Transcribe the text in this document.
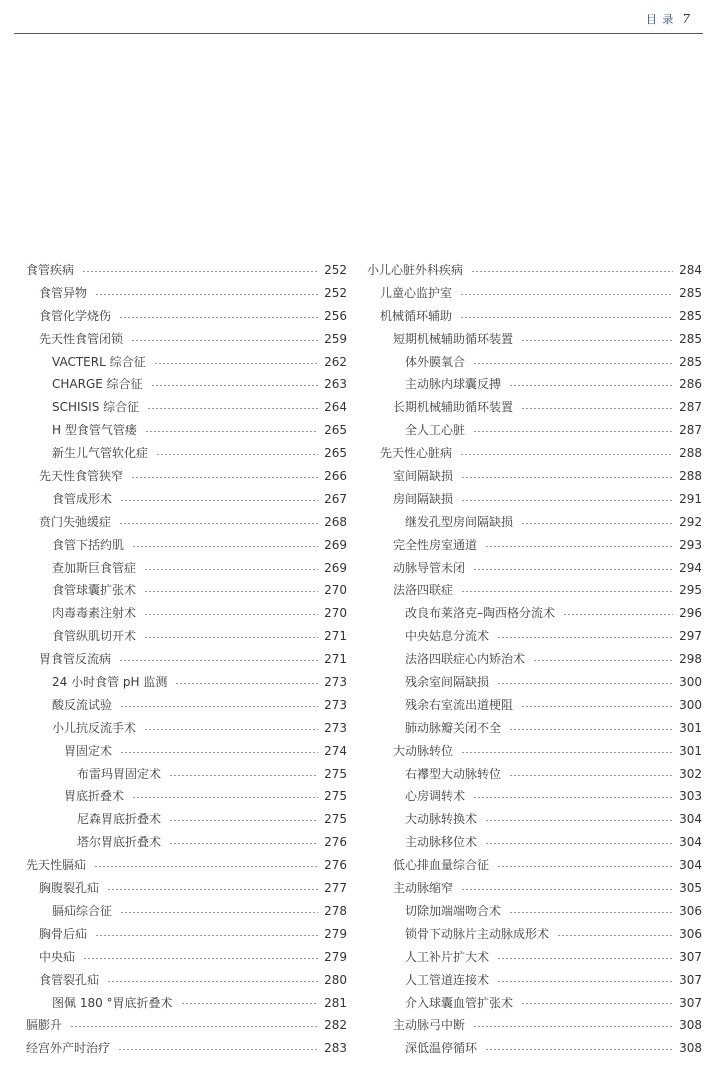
目 录 7
食管疾病	252
食管异物	252
食管化学烧伤	256
先天性食管闭锁	259
VACTERL 综合征	262
CHARGE 综合征	263
SCHISIS 综合征	264
H 型食管气管瘘	265
新生儿气管软化症	265
先天性食管狭窄	266
食管成形术	267
贲门失弛缓症	268
食管下括约肌	269
查加斯巨食管症	269
食管球囊扩张术	270
肉毒毒素注射术	270
食管纵肌切开术	271
胃食管反流病	271
24 小时食管 pH 监测	273
酸反流试验	273
小儿抗反流手术	273
胃固定术	274
布雷玛胃固定术	275
胃底折叠术	275
尼森胃底折叠术	275
塔尔胃底折叠术	276
先天性膈疝	276
胸腹裂孔疝	277
膈疝综合征	278
胸骨后疝	279
中央疝	279
食管裂孔疝	280
图佩 180 °胃底折叠术	281
膈膨升	282
经宫外产时治疗	283
小儿心脏外科疾病	284
儿童心监护室	285
机械循环辅助	285
短期机械辅助循环装置	285
体外膜氧合	285
主动脉内球囊反搏	286
长期机械辅助循环装置	287
全人工心脏	287
先天性心脏病	288
室间隔缺损	288
房间隔缺损	291
继发孔型房间隔缺损	292
完全性房室通道	293
动脉导管未闭	294
法洛四联症	295
改良布莱洛克–陶西格分流术	296
中央姑息分流术	297
法洛四联症心内矫治术	298
残余室间隔缺损	300
残余右室流出道梗阻	300
肺动脉瓣关闭不全	301
大动脉转位	301
右襻型大动脉转位	302
心房调转术	303
大动脉转换术	304
主动脉移位术	304
低心排血量综合征	304
主动脉缩窄	305
切除加端端吻合术	306
锁骨下动脉片主动脉成形术	306
人工补片扩大术	307
人工管道连接术	307
介入球囊血管扩张术	307
主动脉弓中断	308
深低温停循环	308
